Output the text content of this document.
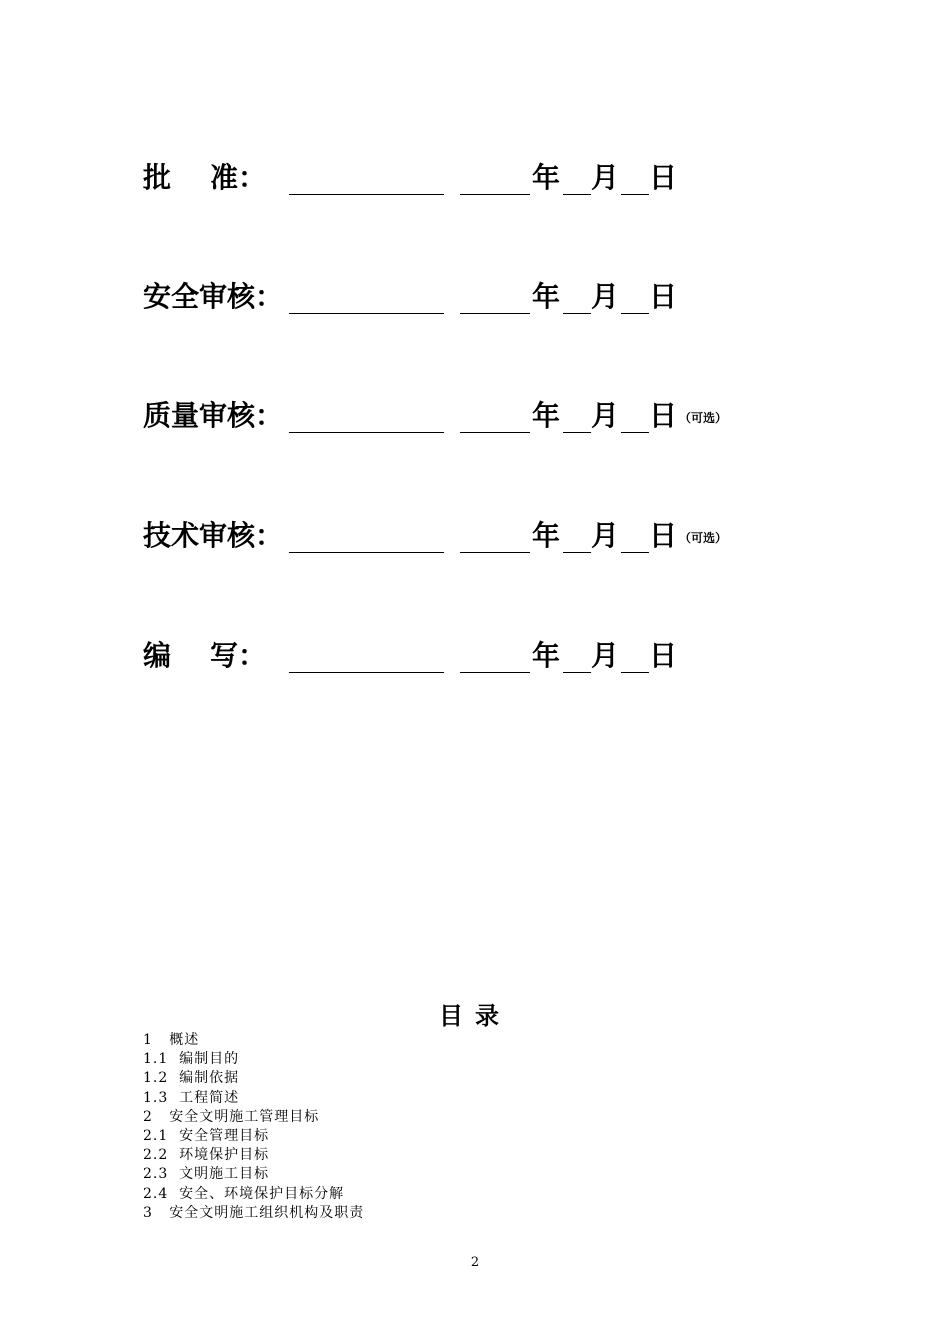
批    准：	年 月 日
安全审核：	年 月 日
质量审核：	年 月 日 （可选）
技术审核：	年 月 日 （可选）
编    写：	年 月 日
目录
1   概述
1.1  编制目的
1.2  编制依据
1.3  工程简述
2   安全文明施工管理目标
2.1  安全管理目标
2.2  环境保护目标
2.3  文明施工目标
2.4  安全、环境保护目标分解
3   安全文明施工组织机构及职责
2
